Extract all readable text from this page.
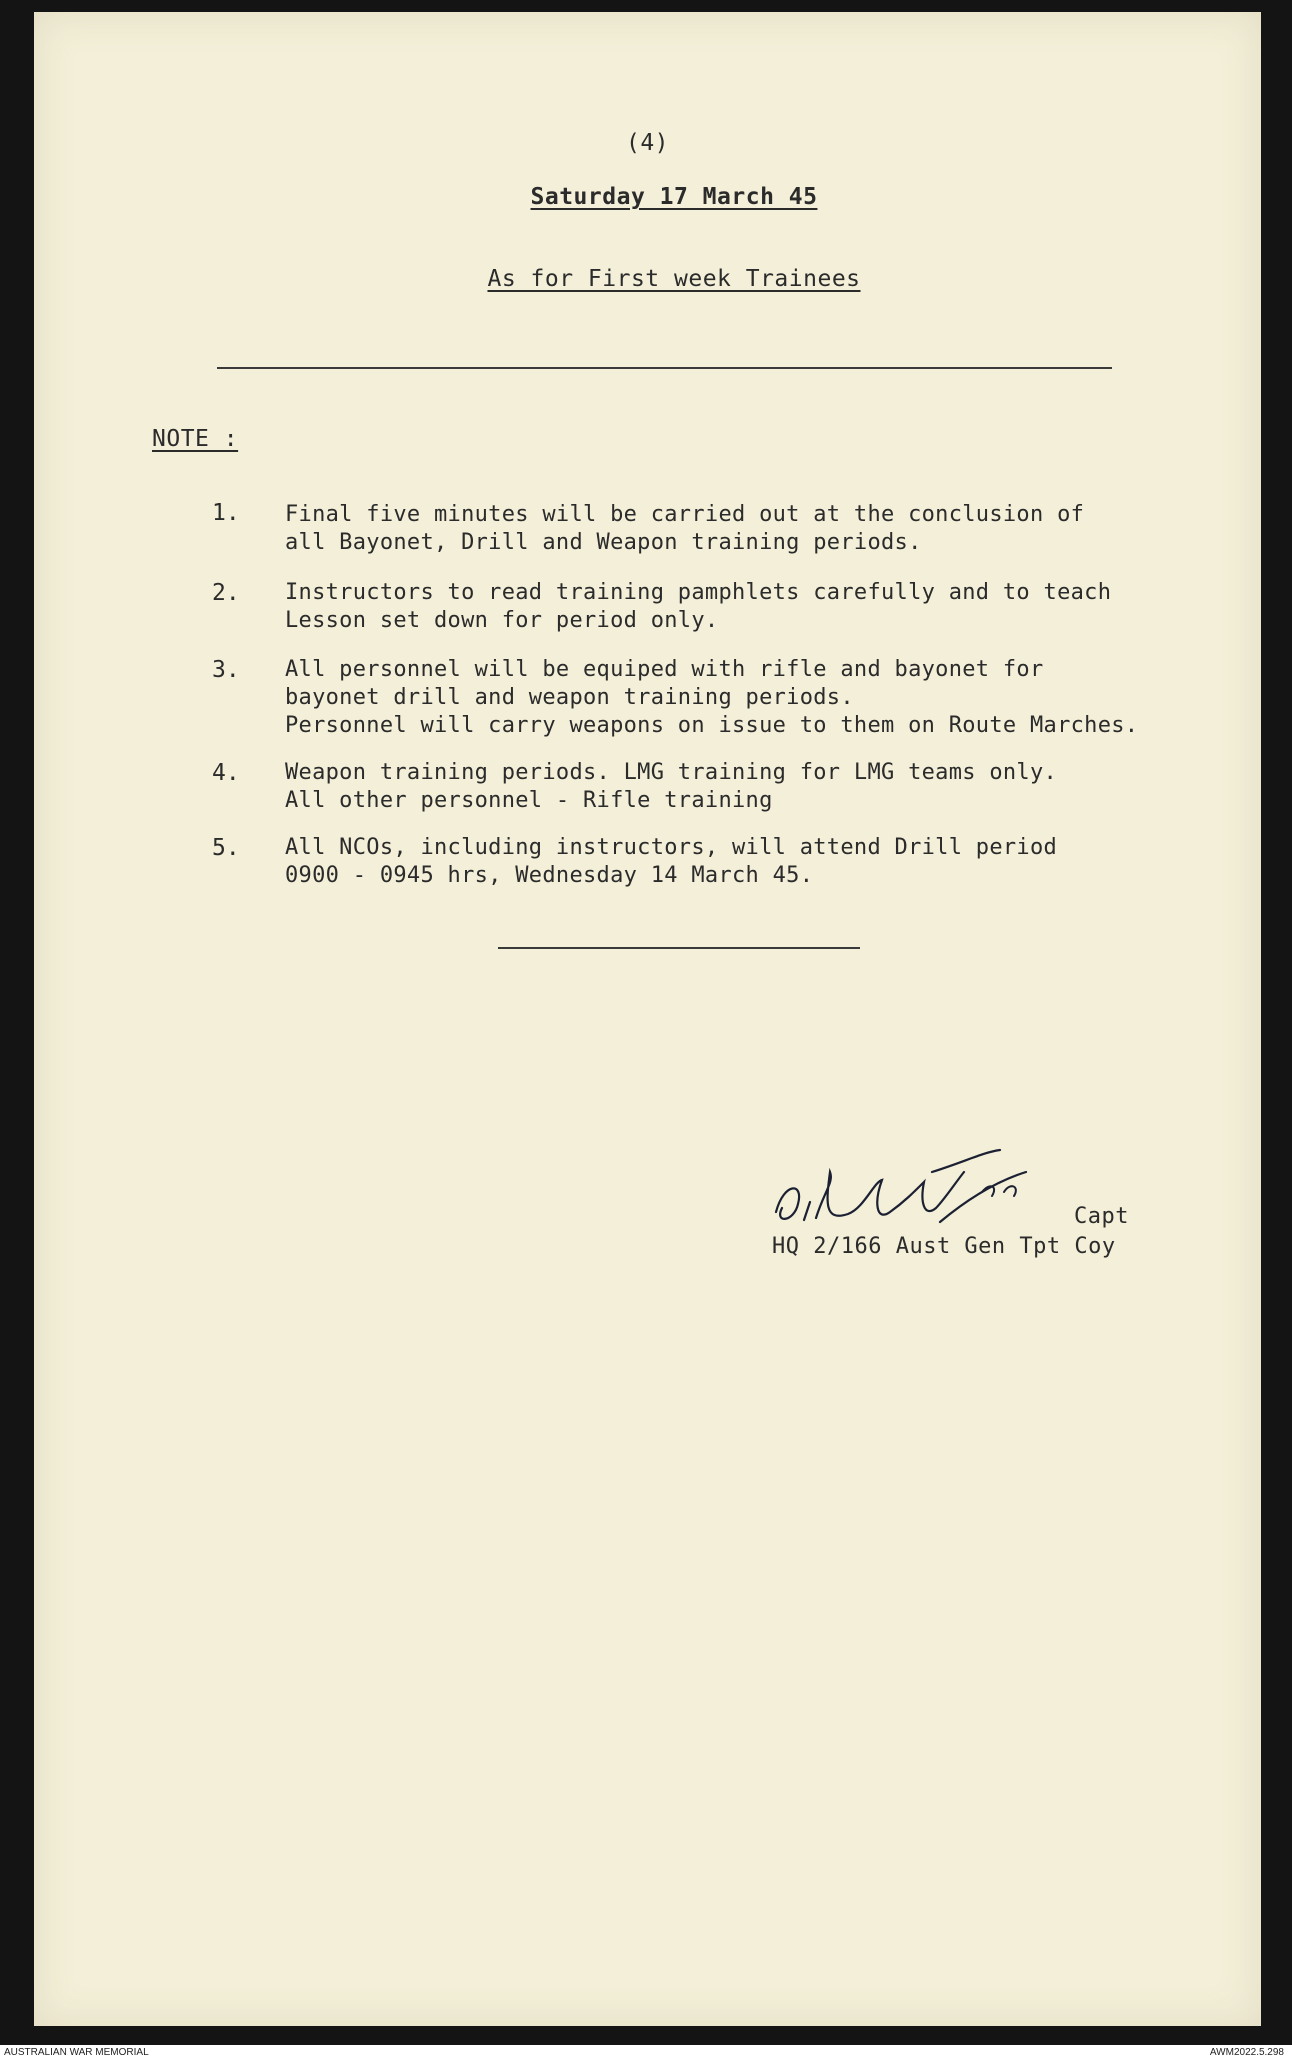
(4)
Saturday 17 March 45
As for First week Trainees
NOTE :
1. Final five minutes will be carried out at the conclusion of
all Bayonet, Drill and Weapon training periods.
2. Instructors to read training pamphlets carefully and to teach
Lesson set down for period only.
3. All personnel will be equiped with rifle and bayonet for
bayonet drill and weapon training periods.
Personnel will carry weapons on issue to them on Route Marches.
4. Weapon training periods. LMG training for LMG teams only.
All other personnel - Rifle training
5. All NCOs, including instructors, will attend Drill period
0900 - 0945 hrs, Wednesday 14 March 45.
Capt
HQ 2/166 Aust Gen Tpt Coy
AUSTRALIAN WAR MEMORIAL	AWM2022.5.298
